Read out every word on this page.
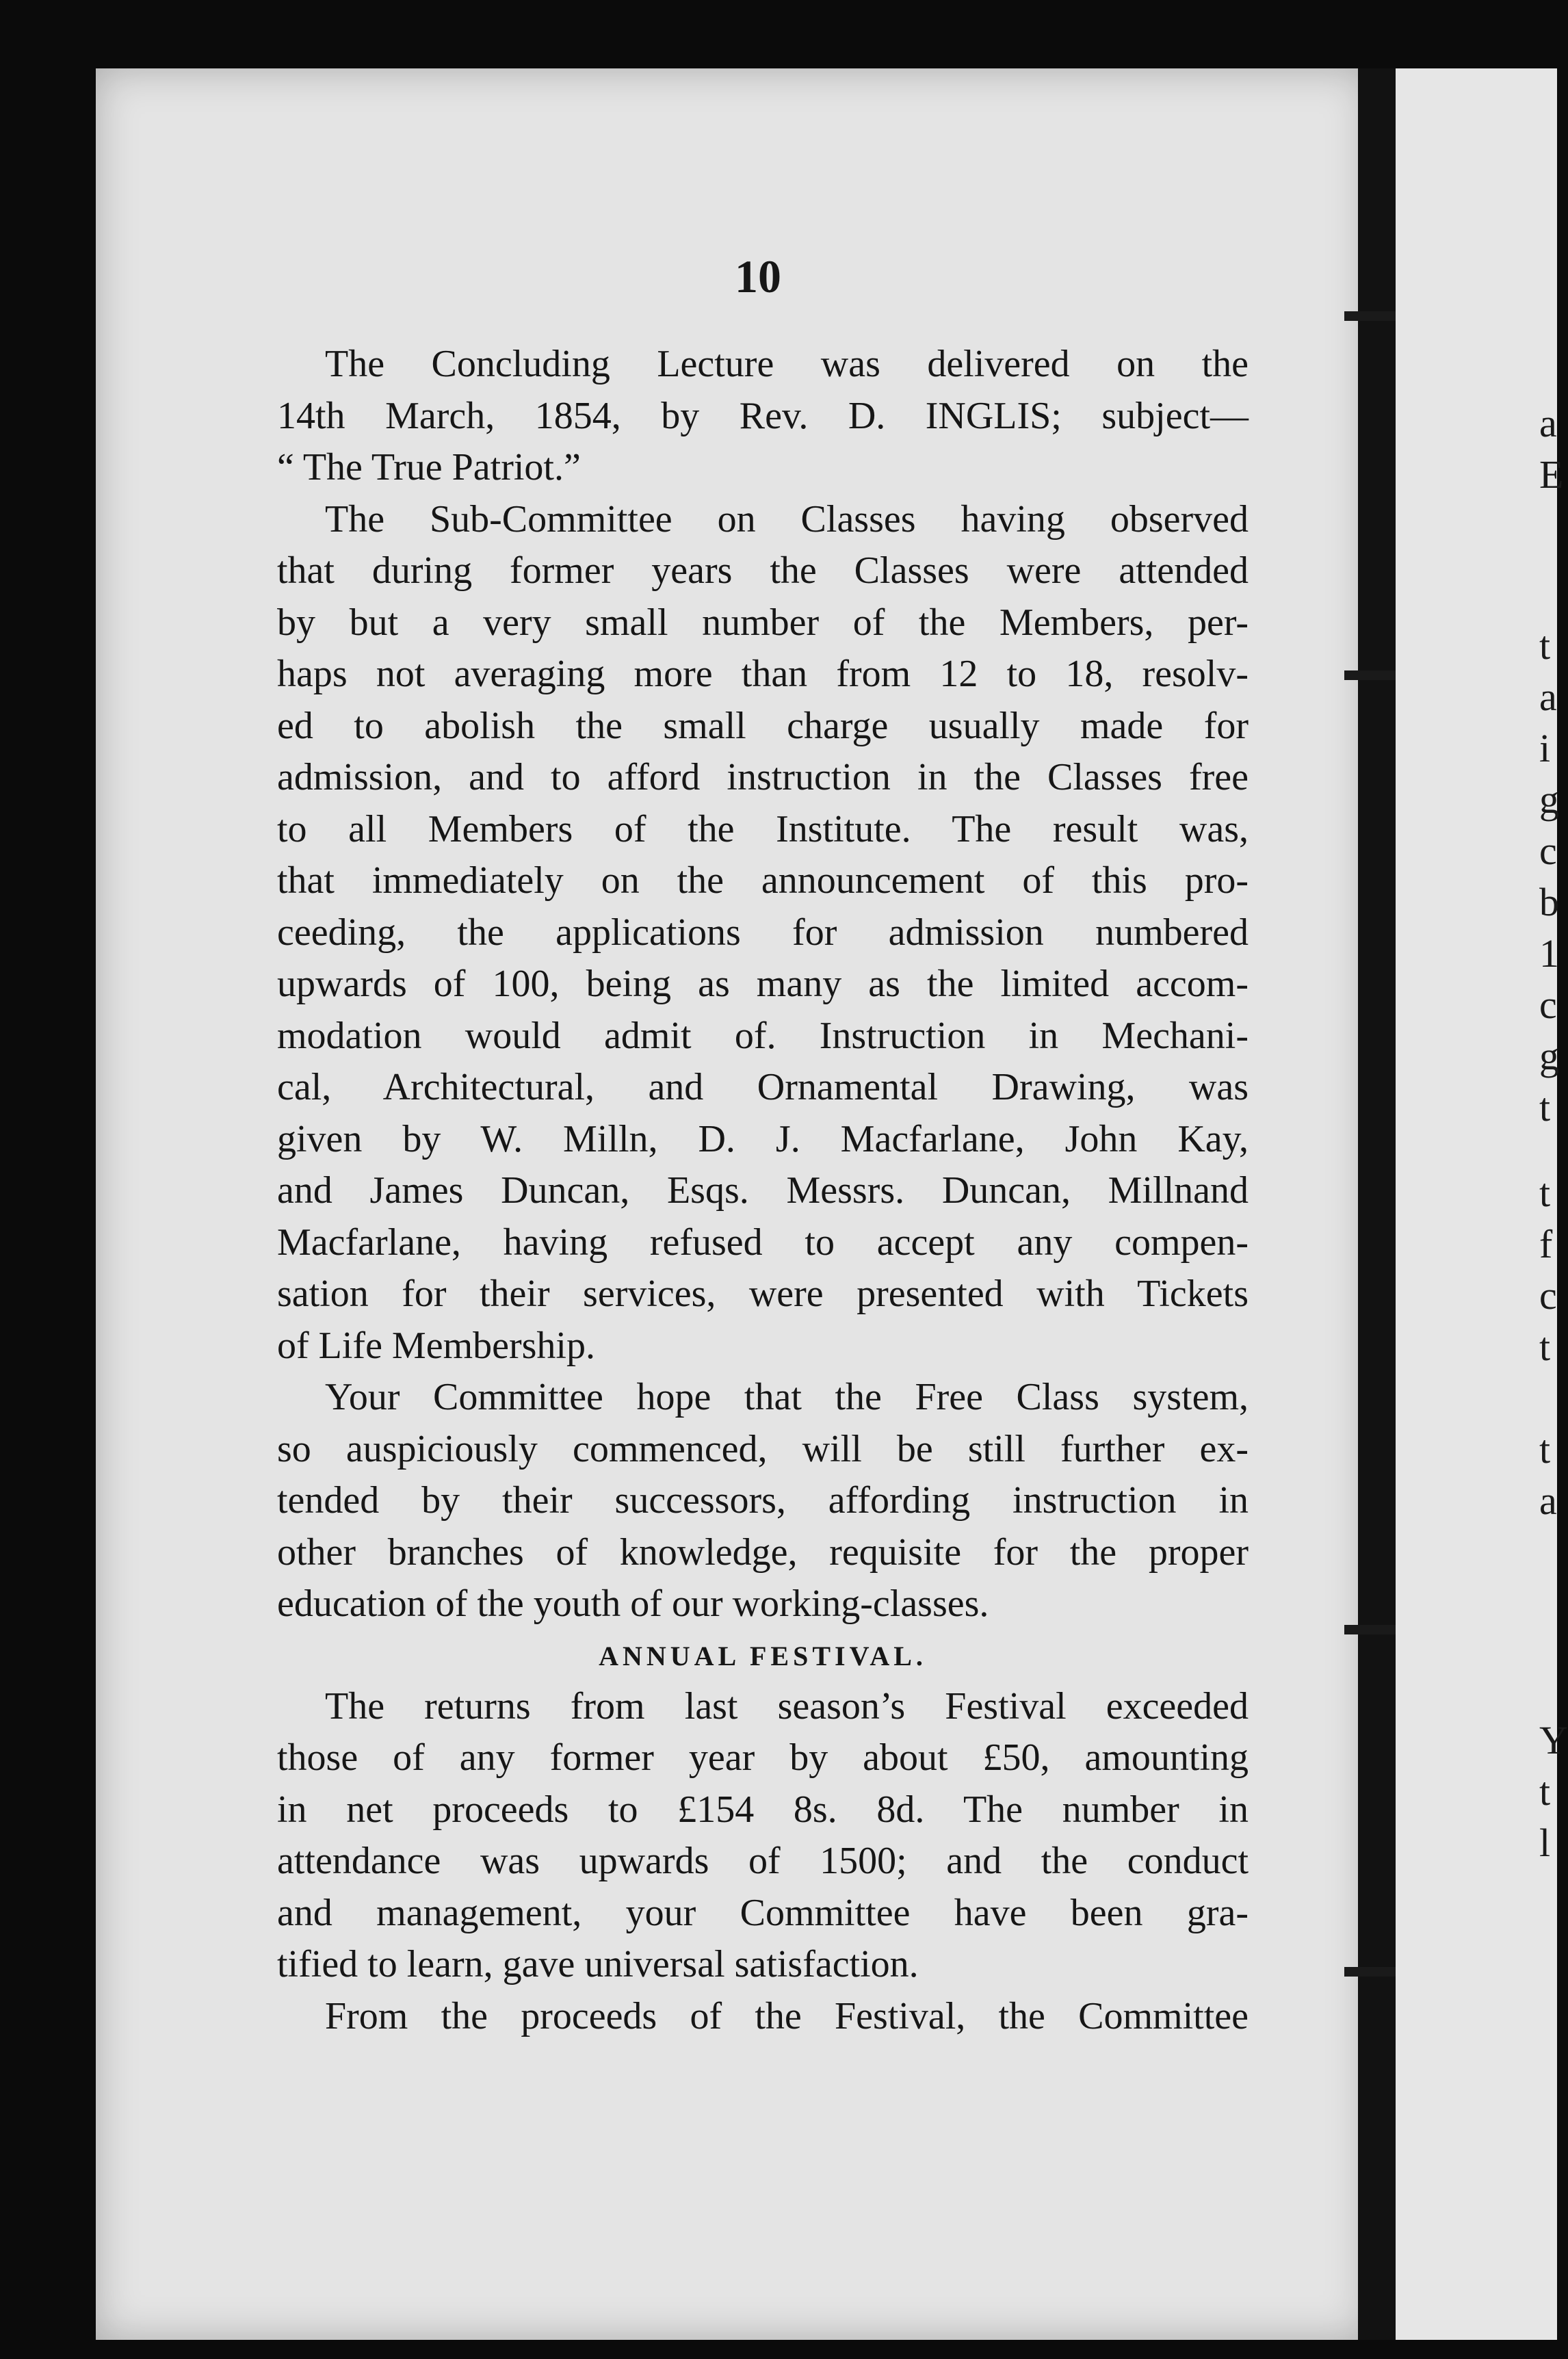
a
E
t
a
i
g
c
b
1
c
g
t
t
f
c
t
t
a
Y
t
l
10
The Concluding Lecture was delivered on the
14th March, 1854, by Rev. D. INGLIS; subject—
“ The True Patriot.”
The Sub-Committee on Classes having observed
that during former years the Classes were attended
by but a very small number of the Members, per-
haps not averaging more than from 12 to 18, resolv-
ed to abolish the small charge usually made for
admission, and to afford instruction in the Classes free
to all Members of the Institute. The result was,
that immediately on the announcement of this pro-
ceeding, the applications for admission numbered
upwards of 100, being as many as the limited accom-
modation would admit of. Instruction in Mechani-
cal, Architectural, and Ornamental Drawing, was
given by W. Milln, D. J. Macfarlane, John Kay,
and James Duncan, Esqs. Messrs. Duncan, Millnand
Macfarlane, having refused to accept any compen-
sation for their services, were presented with Tickets
of Life Membership.
Your Committee hope that the Free Class system,
so auspiciously commenced, will be still further ex-
tended by their successors, affording instruction in
other branches of knowledge, requisite for the proper
education of the youth of our working-classes.
ANNUAL FESTIVAL.
The returns from last season’s Festival exceeded
those of any former year by about £50, amounting
in net proceeds to £154 8s. 8d. The number in
attendance was upwards of 1500; and the conduct
and management, your Committee have been gra-
tified to learn, gave universal satisfaction.
From the proceeds of the Festival, the Committee
